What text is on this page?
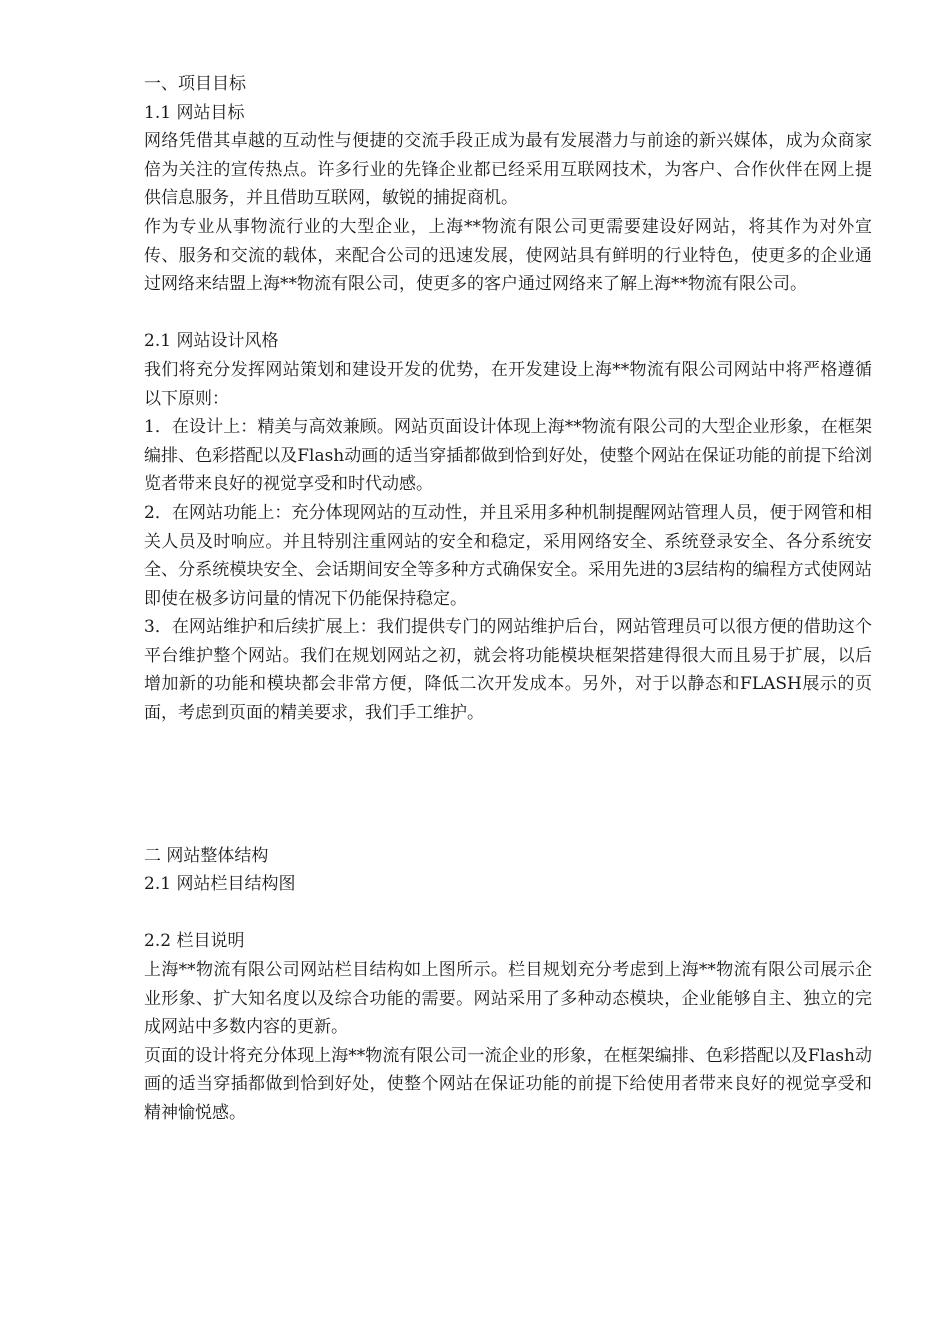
一、项目目标
1.1 网站目标

网络凭借其卓越的互动性与便捷的交流手段正成为最有发展潜力与前途的新兴媒体，成为众商家倍为关注的宣传热点。许多行业的先锋企业都已经采用互联网技术，为客户、合作伙伴在网上提供信息服务，并且借助互联网，敏锐的捕捉商机。

作为专业从事物流行业的大型企业，上海**物流有限公司更需要建设好网站，将其作为对外宣传、服务和交流的载体，来配合公司的迅速发展，使网站具有鲜明的行业特色，使更多的企业通过网络来结盟上海**物流有限公司，使更多的客户通过网络来了解上海**物流有限公司。

2.1 网站设计风格

我们将充分发挥网站策划和建设开发的优势，在开发建设上海**物流有限公司网站中将严格遵循以下原则：

1．在设计上：精美与高效兼顾。网站页面设计体现上海**物流有限公司的大型企业形象，在框架编排、色彩搭配以及Flash动画的适当穿插都做到恰到好处，使整个网站在保证功能的前提下给浏览者带来良好的视觉享受和时代动感。

2．在网站功能上：充分体现网站的互动性，并且采用多种机制提醒网站管理人员，便于网管和相关人员及时响应。并且特别注重网站的安全和稳定，采用网络安全、系统登录安全、各分系统安全、分系统模块安全、会话期间安全等多种方式确保安全。采用先进的3层结构的编程方式使网站即使在极多访问量的情况下仍能保持稳定。

3．在网站维护和后续扩展上：我们提供专门的网站维护后台，网站管理员可以很方便的借助这个平台维护整个网站。我们在规划网站之初，就会将功能模块框架搭建得很大而且易于扩展，以后增加新的功能和模块都会非常方便，降低二次开发成本。另外，对于以静态和FLASH展示的页面，考虑到页面的精美要求，我们手工维护。

二 网站整体结构
2.1 网站栏目结构图
2.2 栏目说明

上海**物流有限公司网站栏目结构如上图所示。栏目规划充分考虑到上海**物流有限公司展示企业形象、扩大知名度以及综合功能的需要。网站采用了多种动态模块，企业能够自主、独立的完成网站中多数内容的更新。

页面的设计将充分体现上海**物流有限公司一流企业的形象，在框架编排、色彩搭配以及Flash动画的适当穿插都做到恰到好处，使整个网站在保证功能的前提下给使用者带来良好的视觉享受和精神愉悦感。
